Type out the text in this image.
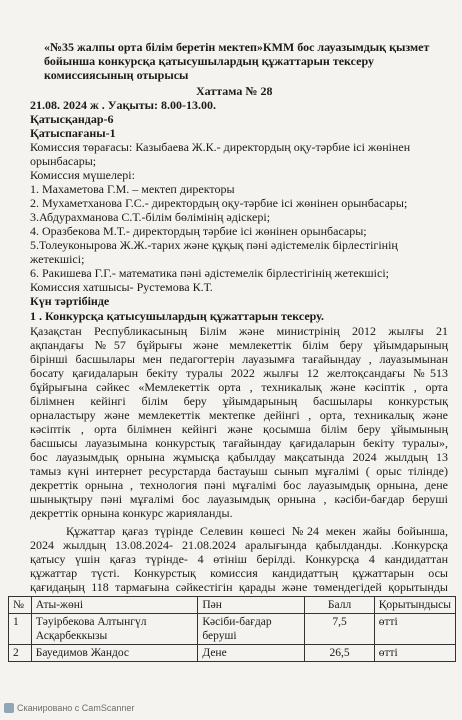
«№35 жалпы орта білім беретін мектеп»КММ бос лауазымдық қызмет
бойынша конкурсқа қатысушылардың құжаттарын тексеру
комиссиясының отырысы
Хаттама № 28
21.08. 2024 ж . Уақыты: 8.00-13.00.
Қатысқандар-6
Қатыспағаны-1
Комиссия төрағасы: Казыбаева Ж.К.- директордың оқу-тәрбие ісі жөнінен
орынбасары;
Комиссия мүшелері:
1. Махаметова Г.М. – мектеп директоры
2. Мухаметханова Г.С.- директордың оқу-тәрбие ісі жөнінен орынбасары;
3.Абдурахманова С.Т.-білім бөлімінің әдіскері;
4. Оразбекова М.Т.- директордың тәрбие ісі жөнінен орынбасары;
5.Толеуконырова Ж.Ж.-тарих және құқық пәні әдістемелік бірлестігінің
жетекшісі;
6. Ракишева Г.Г.- математика пәні әдістемелік бірлестігінің жетекшісі;
Комиссия хатшысы- Рустемова К.Т.
Күн тәртібінде
1 . Конкурсқа қатысушылардың құжаттарын тексеру.
Қазақстан Республикасының Білім және министрінің 2012 жылғы 21
ақпандағы №57 бұйрығы және мемлекеттік білім беру ұйымдарының
бірінші басшылары мен педагогтерін лауазымға тағайындау , лауазымынан
босату қағидаларын бекіту туралы 2022 жылғы 12 желтоқсандағы №513
бұйрығына сәйкес «Мемлекеттік орта , техникалық және кәсіптік , орта
білімнен кейінгі білім беру ұйымдарының басшылары конкурстық
орналастыру және мемлекеттік мектепке дейінгі , орта, техникалық және
кәсіптік , орта білімнен кейінгі және қосымша білім беру ұйымының
басшысы лауазымына конкурстық тағайындау қағидаларын бекіту туралы»,
бос лауазымдық орнына жұмысқа қабылдау мақсатында 2024 жылдың 13
тамыз күні интернет ресурстарда бастауыш сынып мұғалімі ( орыс тілінде)
декреттік орнына , технология пәні мұғалімі бос лауазымдық орнына, дене
шынықтыру пәні мұғалімі бос лауазымдық орнына , кәсіби-бағдар беруші
декреттік орнына конкурс жарияланды.
Құжаттар қағаз түрінде Селевин көшесі №24 мекен жайы бойынша,
2024 жылдың 13.08.2024- 21.08.2024 аралығында қабылданды. .Конкурсқа
қатысу үшін қағаз түрінде- 4 өтініш берілді. Конкурсқа 4 кандидаттан
құжаттар түсті. Конкурстық комиссия кандидаттың құжаттарын осы
қағидаңың 118 тармағына сәйкестігін қарады және төмендегідей қорытынды
№	Аты-жөні	Пән	Балл	Қорытындысы
1	Тәуірбекова Алтынгүл Асқарбеккызы	Кәсіби-бағдар беруші	7,5	өтті
2	Бауедимов Жандос	Дене	26,5	өтті
Сканировано с CamScanner
